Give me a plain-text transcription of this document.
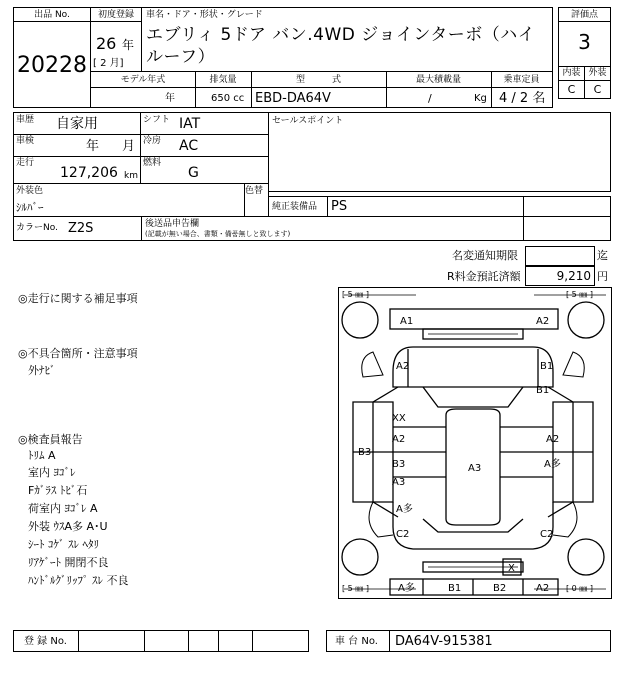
出品 No.
20228
初度登録
26 年
[ 2 月]
車名・ドア・形状・グレード
エブリィ 5ドア バン.4WD ジョインターボ（ハイルーフ）
評価点
3
内装 外装
C	C
モデル年式	排気量	型　　　式	最大積載量	乗車定員
年	650 cc EBD-DA64V	/	Kg 4 / 2 名
車歴 自家用	シフト IAT
車検	年 月 冷房 AC
走行
127,206 km
燃料
G
セールスポイント
外装色
ｼﾙﾊﾞｰ
色替
純正装備品 PS
カラーNo. Z2S	後送品申告欄
(記載が無い場合、書類・備품無しと致します)
名変通知期限	迄
R料金預託済額	9,210 円
◎走行に関する補足事項
◎不具合箇所・注意事項
外ﾅﾋﾞ
◎検査員報告
ﾄﾘﾑ A
室内 ﾖｺﾞﾚ
Fｶﾞﾗｽ ﾄﾋﾞ石
荷室内 ﾖｺﾞﾚ A
外装 ｳｽA多 A･U
ｼｰﾄ ｺｹﾞ ｽﾚ ﾍﾀﾘ
ﾘｱｹﾞｰﾄ 開閉不良
ﾊﾝﾄﾞﾙｸﾞﾘｯﾌﾟ ｽﾚ 不良
[ 5 ㎜ ]	[ 5 ㎜ ]
[ 5 ㎜ ]	[ 0 ㎜ ]
A1	A2
A2	B1
B1
XX
A2
B3
B3
A3
A3
A2
A多
A多
C2	C2
X
A多	B1	B2	A2
登 録 No.	車 台 No. DA64V-915381
